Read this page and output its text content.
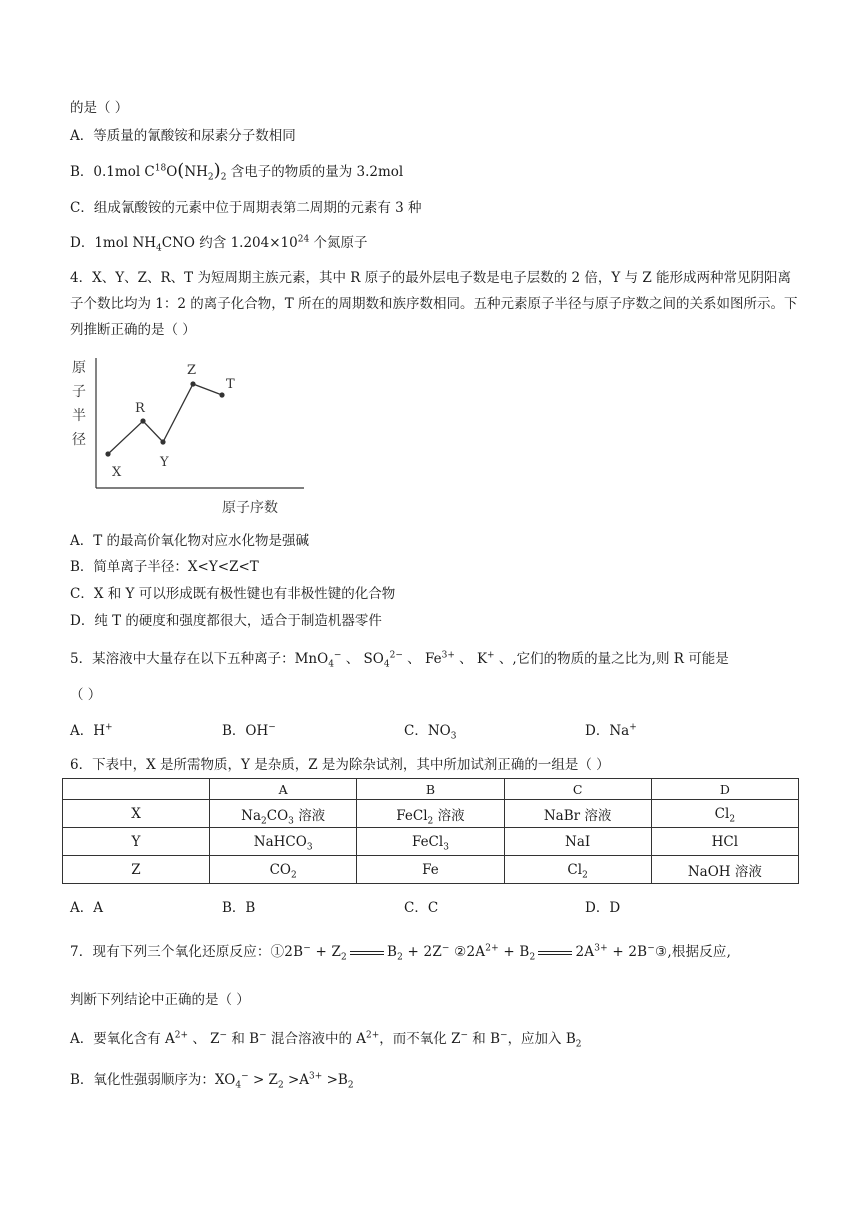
的是（ ）
A．等质量的氰酸铵和尿素分子数相同
B．0.1mol $C^{18}O(NH_2)_2$ 含电子的物质的量为 3.2mol
C．组成氰酸铵的元素中位于周期表第二周期的元素有 3 种
D．1mol $NH_4CNO$ 约含 $1.204\times 10^{24}$ 个氮原子
4．X、Y、Z、R、T 为短周期主族元素，其中 R 原子的最外层电子数是电子层数的 2 倍，Y 与 Z 能形成两种常见阴阳离子个数比均为 1：2 的离子化合物，T 所在的周期数和族序数相同。五种元素原子半径与原子序数之间的关系如图所示。下列推断正确的是（ ）
原
子
半
径
原子序数
X
R
Y
Z
T
A．T 的最高价氧化物对应水化物是强碱
B．简单离子半径：X<Y<Z<T
C．X 和 Y 可以形成既有极性键也有非极性键的化合物
D．纯 T 的硬度和强度都很大，适合于制造机器零件
5．某溶液中大量存在以下五种离子：MnO$_4$− 、 $SO_4^{2-}$ 、 $Fe^{3+}$ 、 K+ 、,它们的物质的量之比为,则 R 可能是
（ ）
A．H+	B．OH−	C．$NO_3$	D．Na+
6．下表中，X 是所需物质，Y 是杂质，Z 是为除杂试剂，其中所加试剂正确的一组是（ ）
	A	B	C	D
X	$Na_2CO_3$ 溶液	FeCl$_2$ 溶液	NaBr 溶液	$Cl_2$
Y	NaHCO$_3$	FeCl$_3$	NaI	HCl
Z	$CO_2$	Fe	$Cl_2$	NaOH 溶液
A．A	B．B	C．C	D．D
7．现有下列三个氧化还原反应：①2B− + $Z_2$	$B_2 + 2Z^-$ $②2A^{2+} + B_2$	$2A^{3+}$ + 2B−③,根据反应,
判断下列结论中正确的是（ ）
A．要氧化含有 $A^{2+}$ 、 Z− 和 B− 混合溶液中的 $A^{2+}$，而不氧化 Z− 和 B−，应加入 $B_2$
B．氧化性强弱顺序为：$XO_4^- > Z_2 >A^{3+} >B_2$
